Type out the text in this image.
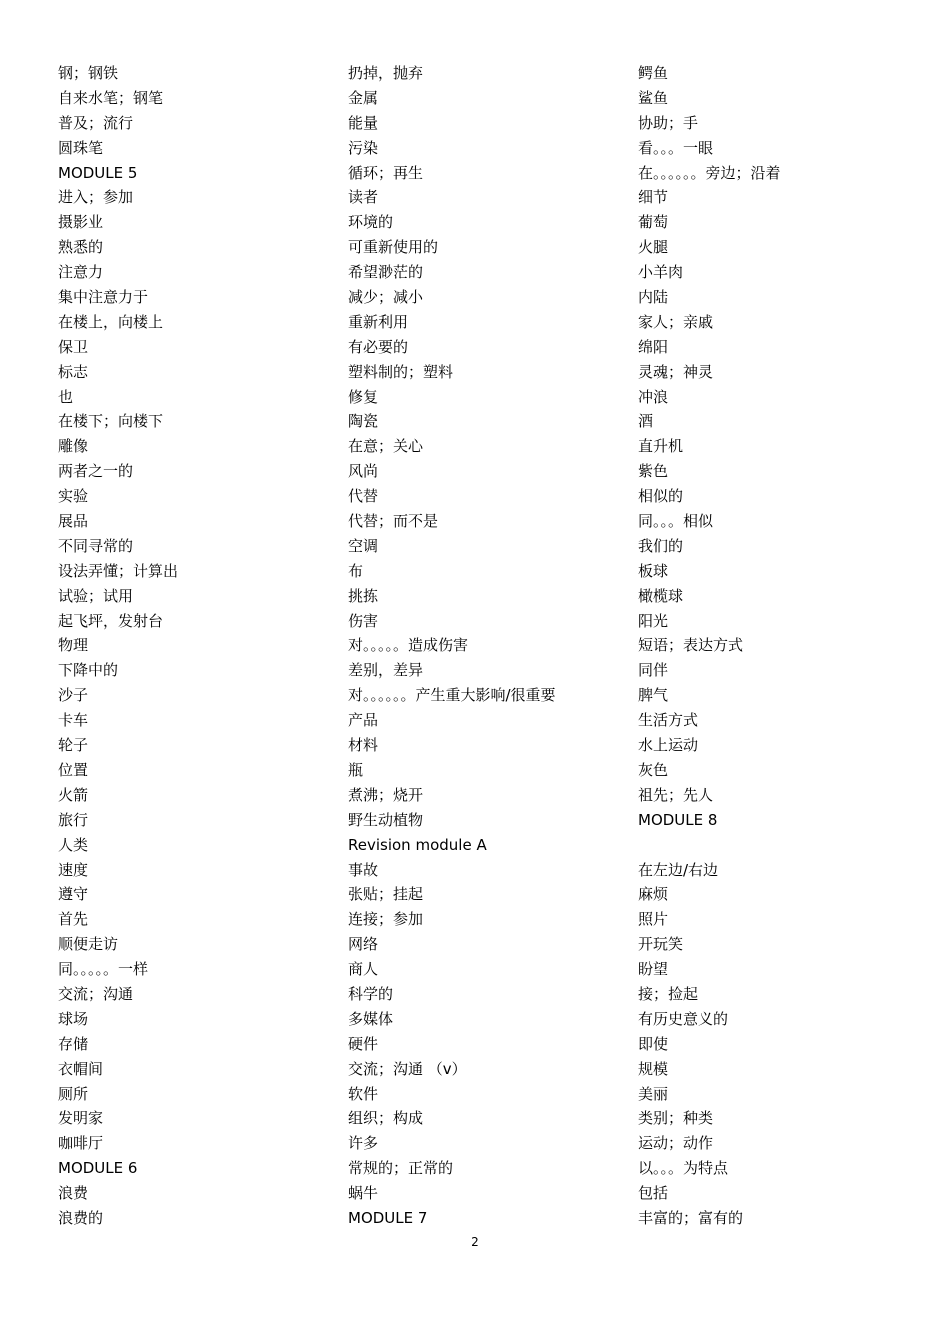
钢；钢铁
自来水笔；钢笔
普及；流行
圆珠笔
MODULE 5
进入；参加
摄影业
熟悉的
注意力
集中注意力于
在楼上，向楼上
保卫
标志
也
在楼下；向楼下
雕像
两者之一的
实验
展品
不同寻常的
设法弄懂；计算出
试验；试用
起飞坪，发射台
物理
下降中的
沙子
卡车
轮子
位置
火箭
旅行
人类
速度
遵守
首先
顺便走访
同。。。。。一样
交流；沟通
球场
存储
衣帽间
厕所
发明家
咖啡厅
MODULE 6
浪费
浪费的
扔掉，抛弃
金属
能量
污染
循环；再生
读者
环境的
可重新使用的
希望渺茫的
减少；减小
重新利用
有必要的
塑料制的；塑料
修复
陶瓷
在意；关心
风尚
代替
代替；而不是
空调
布
挑拣
伤害
对。。。。。造成伤害
差别，差异
对。。。。。。产生重大影响/很重要
产品
材料
瓶
煮沸；烧开
野生动植物
Revision module A
事故
张贴；挂起
连接；参加
网络
商人
科学的
多媒体
硬件
交流；沟通 （v）
软件
组织；构成
许多
常规的；正常的
蜗牛
MODULE 7
鳄鱼
鲨鱼
协助；手
看。。。一眼
在。。。。。。旁边；沿着
细节
葡萄
火腿
小羊肉
内陆
家人；亲戚
绵阳
灵魂；神灵
冲浪
酒
直升机
紫色
相似的
同。。。相似
我们的
板球
橄榄球
阳光
短语；表达方式
同伴
脾气
生活方式
水上运动
灰色
祖先；先人
MODULE 8
在左边/右边
麻烦
照片
开玩笑
盼望
接；捡起
有历史意义的
即使
规模
美丽
类别；种类
运动；动作
以。。。为特点
包括
丰富的；富有的
2
